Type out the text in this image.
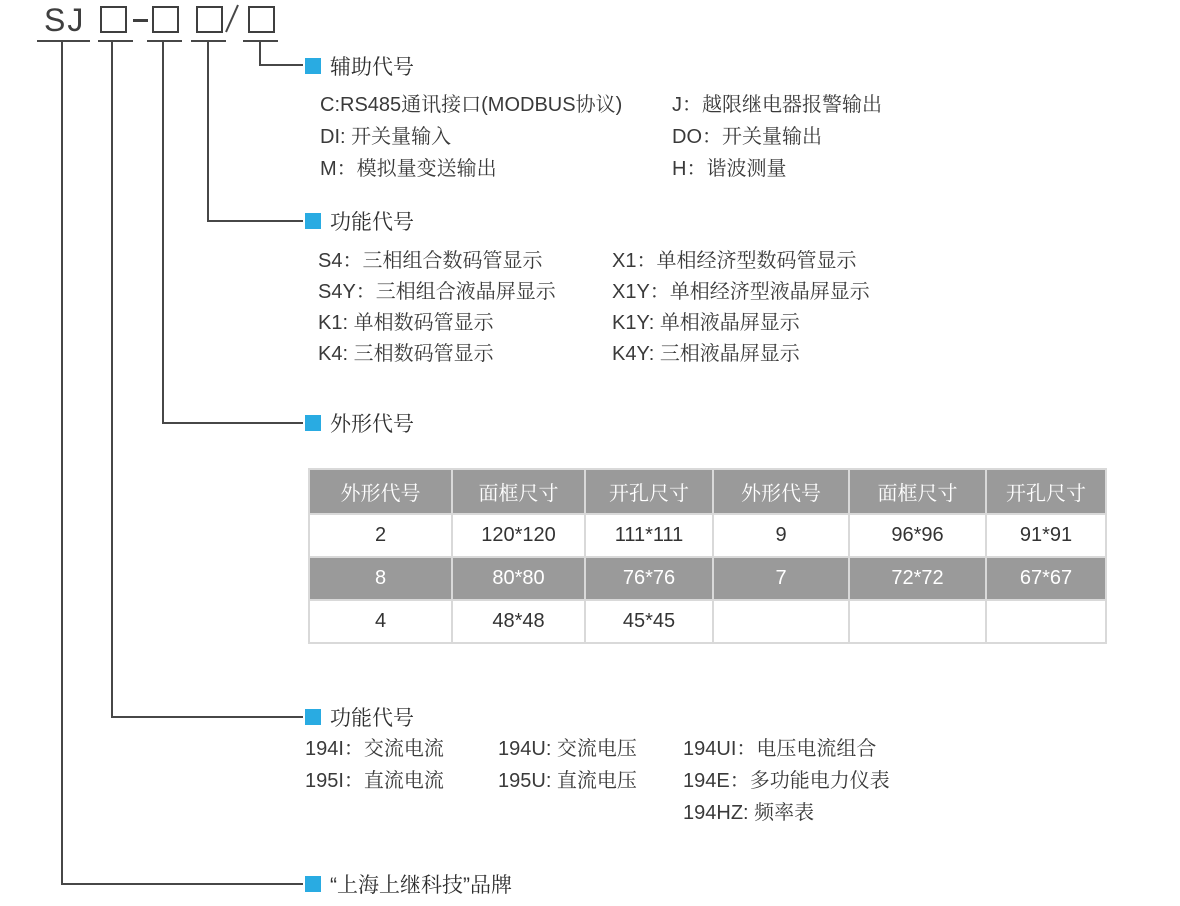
SJ
辅助代号
C:RS485通讯接口(MODBUS协议)
DI: 开关量输入
M：模拟量变送输出
J：越限继电器报警输出
DO：开关量输出
H：谐波测量
功能代号
S4：三相组合数码管显示
S4Y：三相组合液晶屏显示
K1: 单相数码管显示
K4: 三相数码管显示
X1：单相经济型数码管显示
X1Y：单相经济型液晶屏显示
K1Y: 单相液晶屏显示
K4Y: 三相液晶屏显示
外形代号
外形代号	面框尺寸	开孔尺寸	外形代号	面框尺寸	开孔尺寸
2	120*120	111*111	9	96*96	91*91
8	80*80	76*76	7	72*72	67*67
4	48*48	45*45			
功能代号
194I：交流电流
195I：直流电流
194U: 交流电压
195U: 直流电压
194UI：电压电流组合
194E：多功能电力仪表
194HZ: 频率表
“上海上继科技”品牌
